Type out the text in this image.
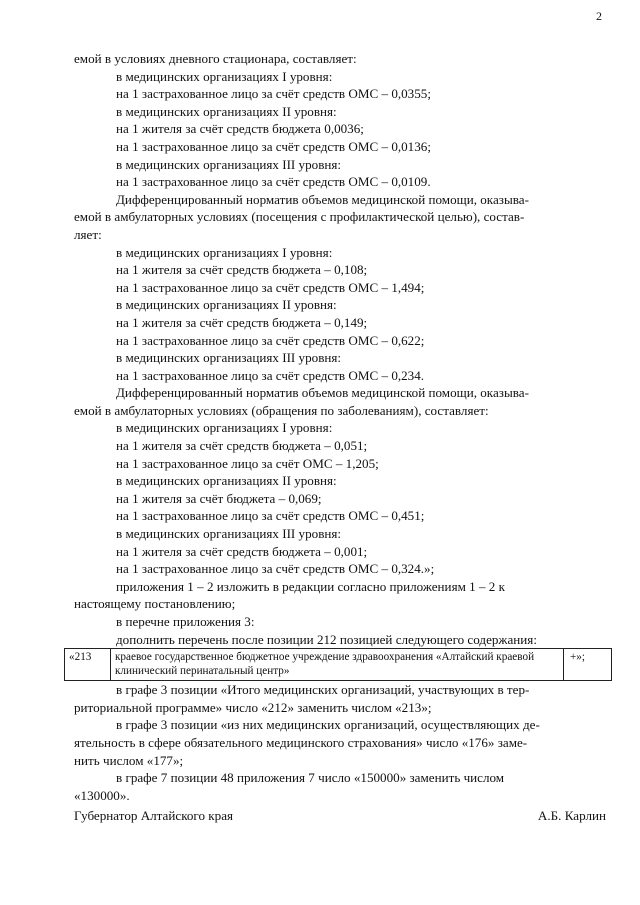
2
емой в условиях дневного стационара, составляет:
в медицинских организациях I уровня:
на 1 застрахованное лицо за счёт средств ОМС – 0,0355;
в медицинских организациях II уровня:
на 1 жителя за счёт средств бюджета 0,0036;
на 1 застрахованное лицо за счёт средств ОМС – 0,0136;
в медицинских организациях III уровня:
на 1 застрахованное лицо за счёт средств ОМС – 0,0109.
Дифференцированный норматив объемов медицинской помощи, оказыва-
емой в амбулаторных условиях (посещения с профилактической целью), состав-
ляет:
в медицинских организациях I уровня:
на 1 жителя за счёт средств бюджета – 0,108;
на 1 застрахованное лицо за счёт средств ОМС – 1,494;
в медицинских организациях II уровня:
на 1 жителя за счёт средств бюджета – 0,149;
на 1 застрахованное лицо за счёт средств ОМС – 0,622;
в медицинских организациях III уровня:
на 1 застрахованное лицо за счёт средств ОМС – 0,234.
Дифференцированный норматив объемов медицинской помощи, оказыва-
емой в амбулаторных условиях (обращения по заболеваниям), составляет:
в медицинских организациях I уровня:
на 1 жителя за счёт средств бюджета – 0,051;
на 1 застрахованное лицо за счёт ОМС – 1,205;
в медицинских организациях II уровня:
на 1 жителя за счёт бюджета – 0,069;
на 1 застрахованное лицо за счёт средств ОМС – 0,451;
в медицинских организациях III уровня:
на 1 жителя за счёт средств бюджета – 0,001;
на 1 застрахованное лицо за счёт средств ОМС – 0,324.»;
приложения 1 – 2 изложить в редакции согласно приложениям 1 – 2 к
настоящему постановлению;
в перечне приложения 3:
дополнить перечень после позиции 212 позицией следующего содержания:
«213	краевое государственное бюджетное учреждение здравоохранения «Алтайский краевой клинический перинатальный центр»
+»;
в графе 3 позиции «Итого медицинских организаций, участвующих в тер-
риториальной программе» число «212» заменить числом «213»;
в графе 3 позиции «из них медицинских организаций, осуществляющих де-
ятельность в сфере обязательного медицинского страхования» число «176» заме-
нить числом «177»;
в графе 7 позиции 48 приложения 7 число «150000» заменить числом
«130000».
Губернатор Алтайского края	А.Б. Карлин
